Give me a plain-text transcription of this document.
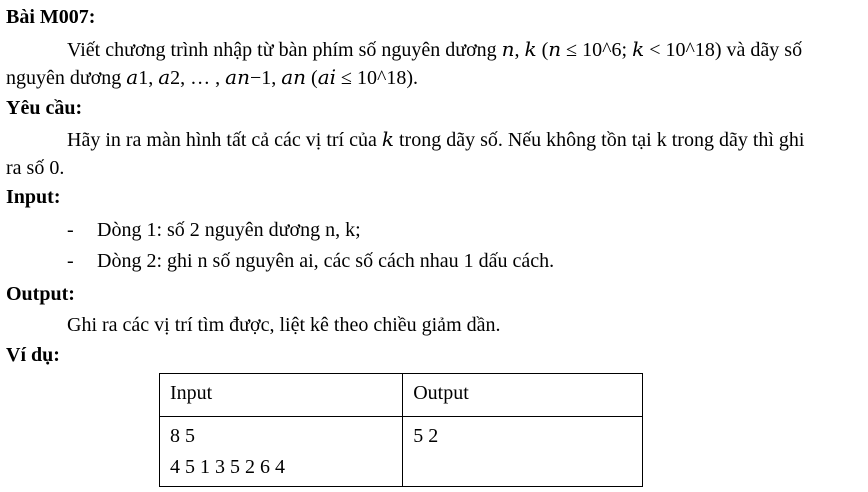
Bài M007:
Viết chương trình nhập từ bàn phím số nguyên dương 𝑛, 𝑘 (𝑛 ≤ 10^6; 𝑘 < 10^18) và dãy số
nguyên dương 𝑎1, 𝑎2, … , 𝑎𝑛−1, 𝑎𝑛 (𝑎𝑖 ≤ 10^18).
Yêu cầu:
Hãy in ra màn hình tất cả các vị trí của 𝑘 trong dãy số. Nếu không tồn tại k trong dãy thì ghi
ra số 0.
Input:
- Dòng 1: số 2 nguyên dương n, k;
- Dòng 2: ghi n số nguyên ai, các số cách nhau 1 dấu cách.
Output:
Ghi ra các vị trí tìm được, liệt kê theo chiều giảm dần.
Ví dụ:
Input	Output

8 5
4 5 1 3 5 2 6 4	5 2
